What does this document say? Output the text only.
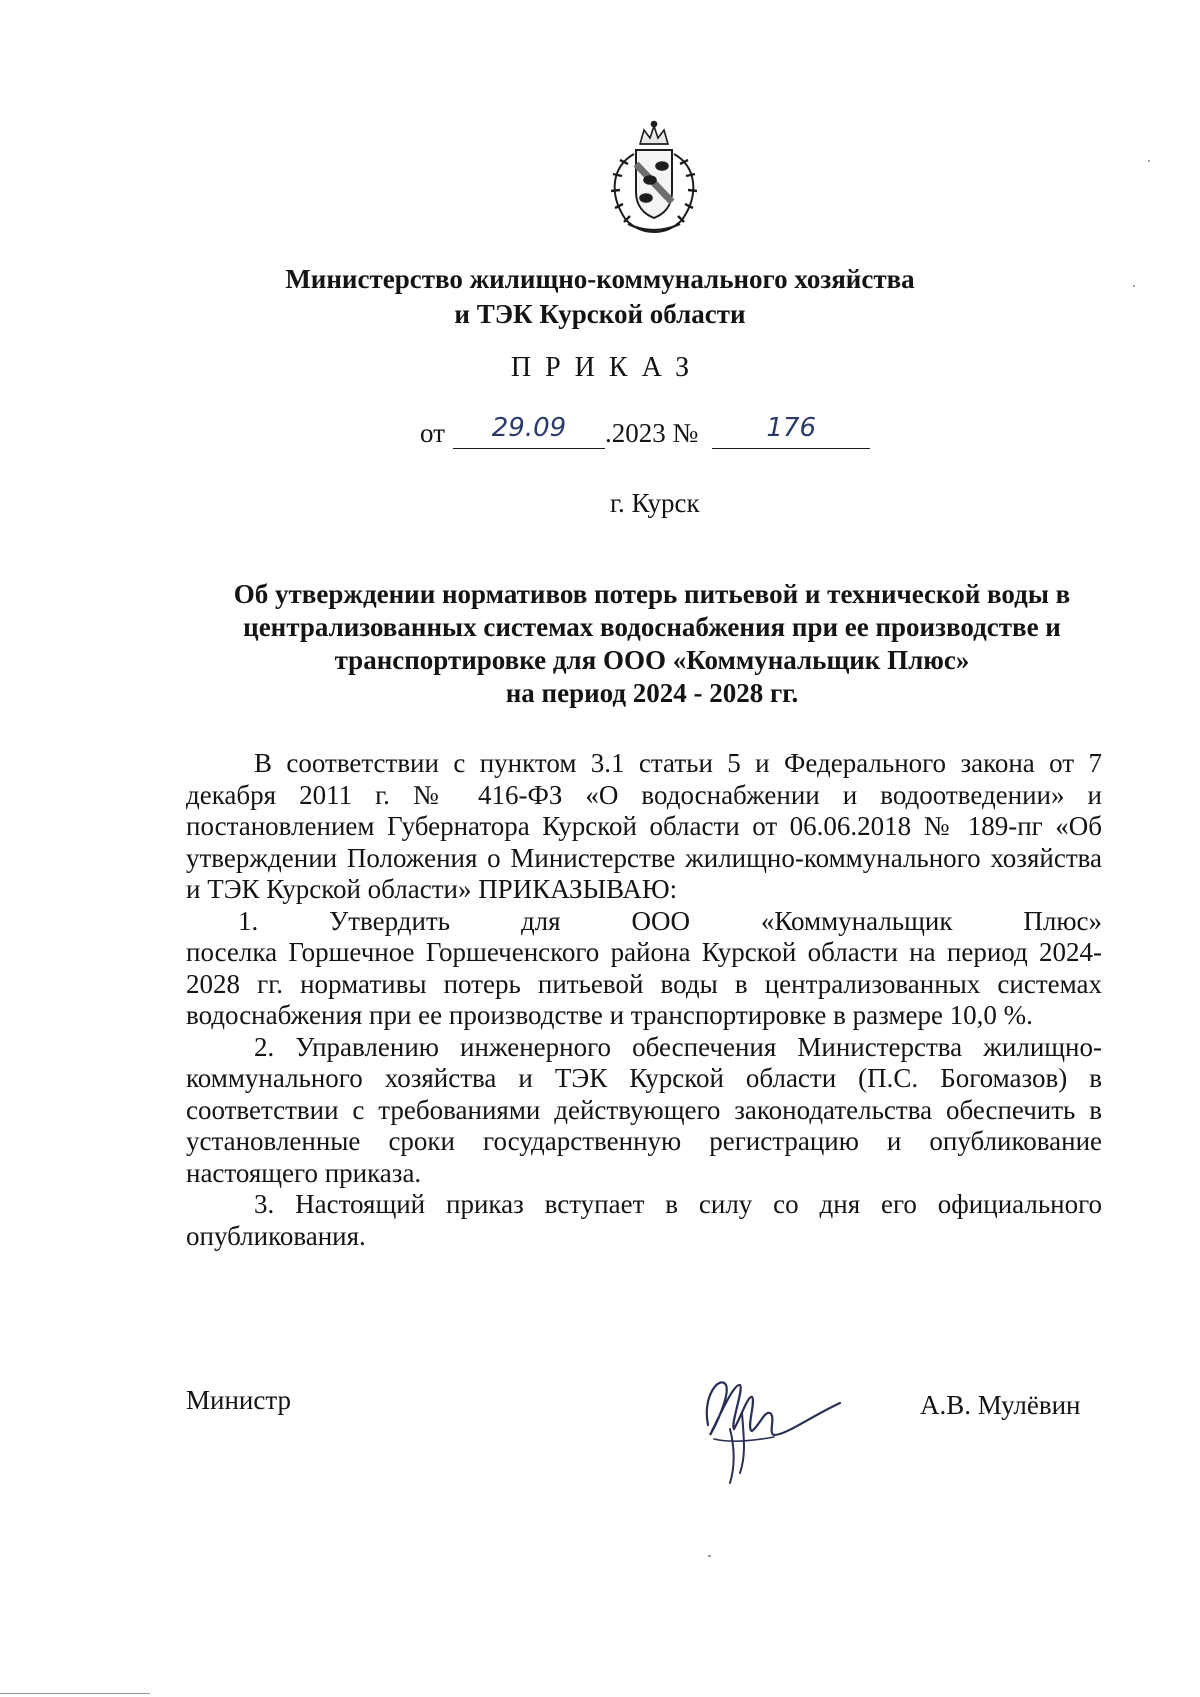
Министерство жилищно-коммунального хозяйства
и ТЭК Курской области
ПРИКАЗ
от 29.09 .2023 №	176
г. Курск
Об утверждении нормативов потерь питьевой и технической воды в
централизованных системах водоснабжения при ее производстве и
транспортировке для ООО «Коммунальщик Плюс»
на период 2024 - 2028 гг.

В соответствии с пунктом 3.1 статьи 5 и Федерального закона от 7 декабря 2011 г. № 416-ФЗ «О водоснабжении и водоотведении» и постановлением Губернатора Курской области от 06.06.2018 № 189-пг «Об утверждении Положения о Министерстве жилищно-коммунального хозяйства и ТЭК Курской области» ПРИКАЗЫВАЮ:

1.	Утвердить	для	ООО	«Коммунальщик	Плюс»

поселка Горшечное Горшеченского района Курской области на период 2024-2028 гг. нормативы потерь питьевой воды в централизованных системах водоснабжения при ее производстве и транспортировке в размере 10,0 %.

2. Управлению инженерного обеспечения Министерства жилищно-коммунального хозяйства и ТЭК Курской области (П.С. Богомазов) в соответствии с требованиями действующего законодательства обеспечить в установленные сроки государственную регистрацию и опубликование настоящего приказа.

3. Настоящий приказ вступает в силу со дня его официального опубликования.

Министр	А.В. Мулёвин
